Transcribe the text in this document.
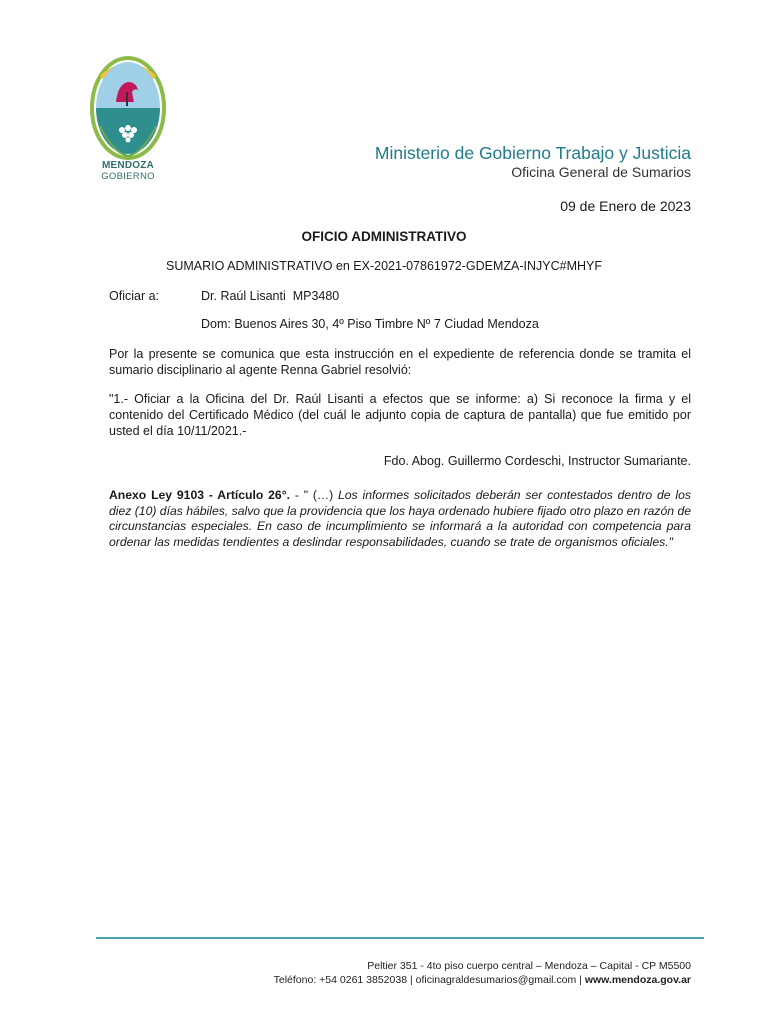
MENDOZA
GOBIERNO
Ministerio de Gobierno Trabajo y Justicia
Oficina General de Sumarios
09 de Enero de 2023
OFICIO ADMINISTRATIVO
SUMARIO ADMINISTRATIVO en EX-2021-07861972-GDEMZA-INJYC#MHYF
Oficiar a:	Dr. Raúl Lisanti  MP3480
Dom: Buenos Aires 30, 4º Piso Timbre Nº 7 Ciudad Mendoza
Por la presente se comunica que esta instrucción en el expediente de referencia donde se tramita el sumario disciplinario al agente Renna Gabriel resolvió:
"1.- Oficiar a la Oficina del Dr. Raúl Lisanti a efectos que se informe: a) Si reconoce la firma y el contenido del Certificado Médico (del cuál le adjunto copia de captura de pantalla) que fue emitido por usted el día 10/11/2021.-
Fdo. Abog. Guillermo Cordeschi, Instructor Sumariante.
Anexo Ley 9103 - Artículo 26°. - " (…) Los informes solicitados deberán ser contestados dentro de los diez (10) días hábiles, salvo que la providencia que los haya ordenado hubiere fijado otro plazo en razón de circunstancias especiales. En caso de incumplimiento se informará a la autoridad con competencia para ordenar las medidas tendientes a deslindar responsabilidades, cuando se trate de organismos oficiales."
Peltier 351 - 4to piso cuerpo central – Mendoza – Capital - CP M5500
Teléfono: +54 0261 3852038 | oficinagraldesumarios@gmail.com | www.mendoza.gov.ar
